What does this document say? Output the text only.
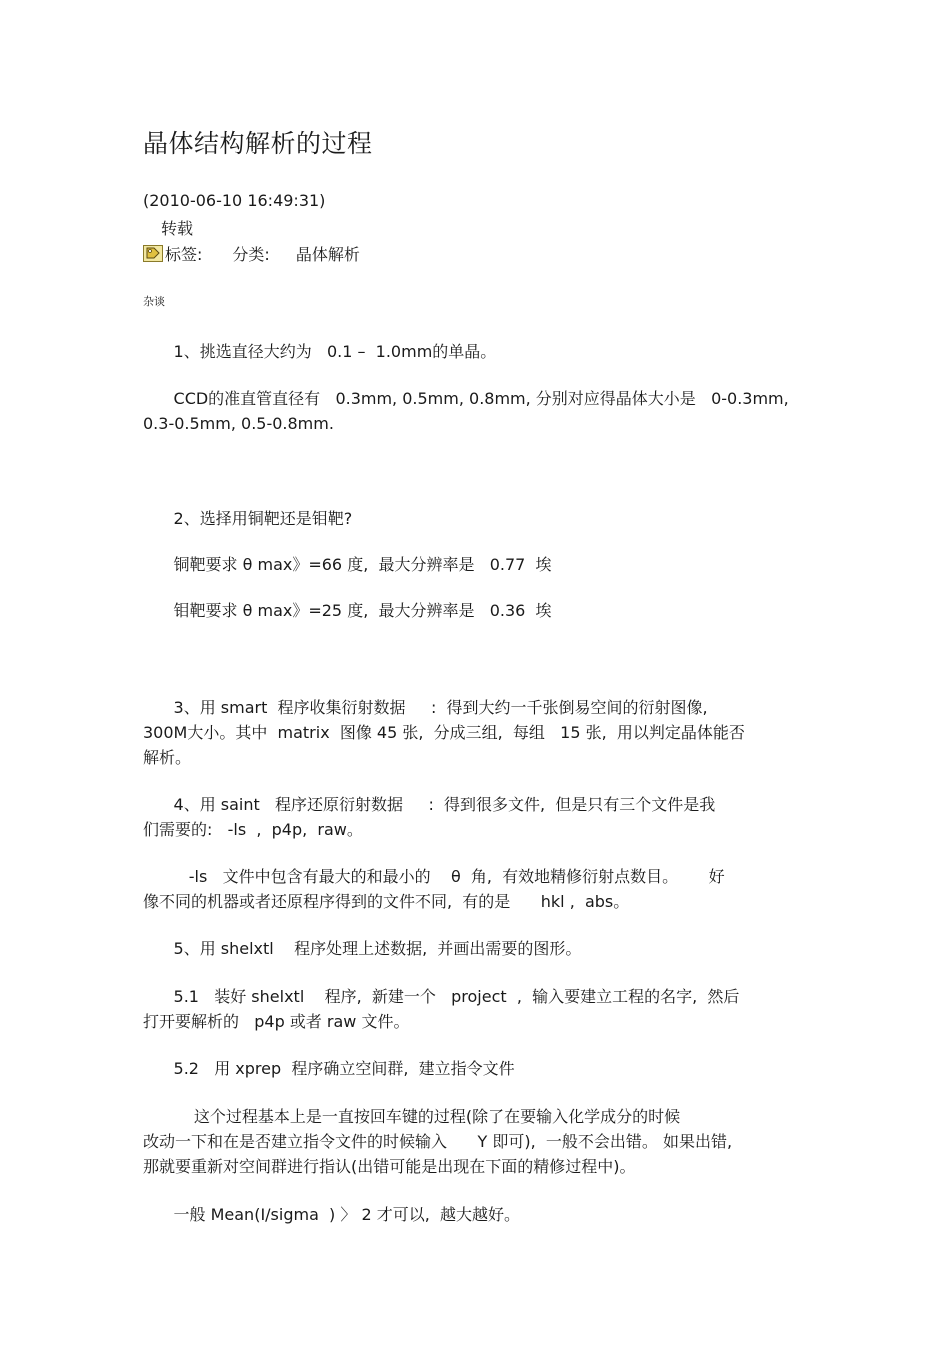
晶体结构解析的过程
(2010-06-10 16:49:31)
转载
标签: 分类: 晶体解析
杂谈

1、挑选直径大约为   0.1 –  1.0mm的单晶。

CCD的准直管直径有   0.3mm, 0.5mm, 0.8mm, 分别对应得晶体大小是   0-0.3mm,
0.3-0.5mm, 0.5-0.8mm.

2、选择用铜靶还是钼靶?

铜靶要求 θ max》=66 度,  最大分辨率是   0.77  埃

钼靶要求 θ max》=25 度,  最大分辨率是   0.36  埃

3、用 smart  程序收集衍射数据     :  得到大约一千张倒易空间的衍射图像,
300M大小。其中  matrix  图像 45 张,  分成三组,  每组   15 张,  用以判定晶体能否
解析。

4、用 saint   程序还原衍射数据     :  得到很多文件,  但是只有三个文件是我
们需要的:   -ls  ,  p4p,  raw。

-ls   文件中包含有最大的和最小的    θ  角,  有效地精修衍射点数目。      好
像不同的机器或者还原程序得到的文件不同,  有的是      hkl ,  abs。

5、用 shelxtl    程序处理上述数据,  并画出需要的图形。

5.1   装好 shelxtl    程序,  新建一个   project  ,  输入要建立工程的名字,  然后
打开要解析的   p4p 或者 raw 文件。

5.2   用 xprep  程序确立空间群,  建立指令文件

这个过程基本上是一直按回车键的过程(除了在要输入化学成分的时候
改动一下和在是否建立指令文件的时候输入      Y 即可),  一般不会出错。 如果出错,
那就要重新对空间群进行指认(出错可能是出现在下面的精修过程中)。

一般 Mean(I/sigma  ) 〉 2 才可以,  越大越好。
